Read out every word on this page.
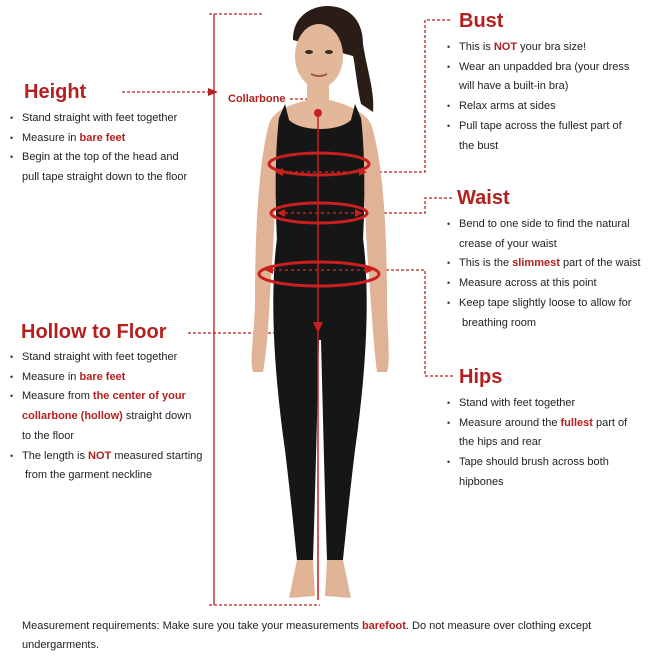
Collarbone
Height
• Stand straight with feet together
• Measure in bare feet
• Begin at the top of the head and
pull tape straight down to the floor
Hollow to Floor
• Stand straight with feet together
• Measure in bare feet
• Measure from the center of your
collarbone (hollow) straight down
to the floor
• The length is NOT measured starting
from the garment neckline
Bust
• This is NOT your bra size!
• Wear an unpadded bra (your dress
will have a built-in bra)
• Relax arms at sides
• Pull tape across the fullest part of
the bust
Waist
• Bend to one side to find the natural
crease of your waist
• This is the slimmest part of the waist
• Measure across at this point
• Keep tape slightly loose to allow for
breathing room
Hips
• Stand with feet together
• Measure around the fullest part of
the hips and rear
• Tape should brush across both
hipbones
Measurement requirements: Make sure you take your measurements barefoot. Do not measure over clothing except
undergarments.
